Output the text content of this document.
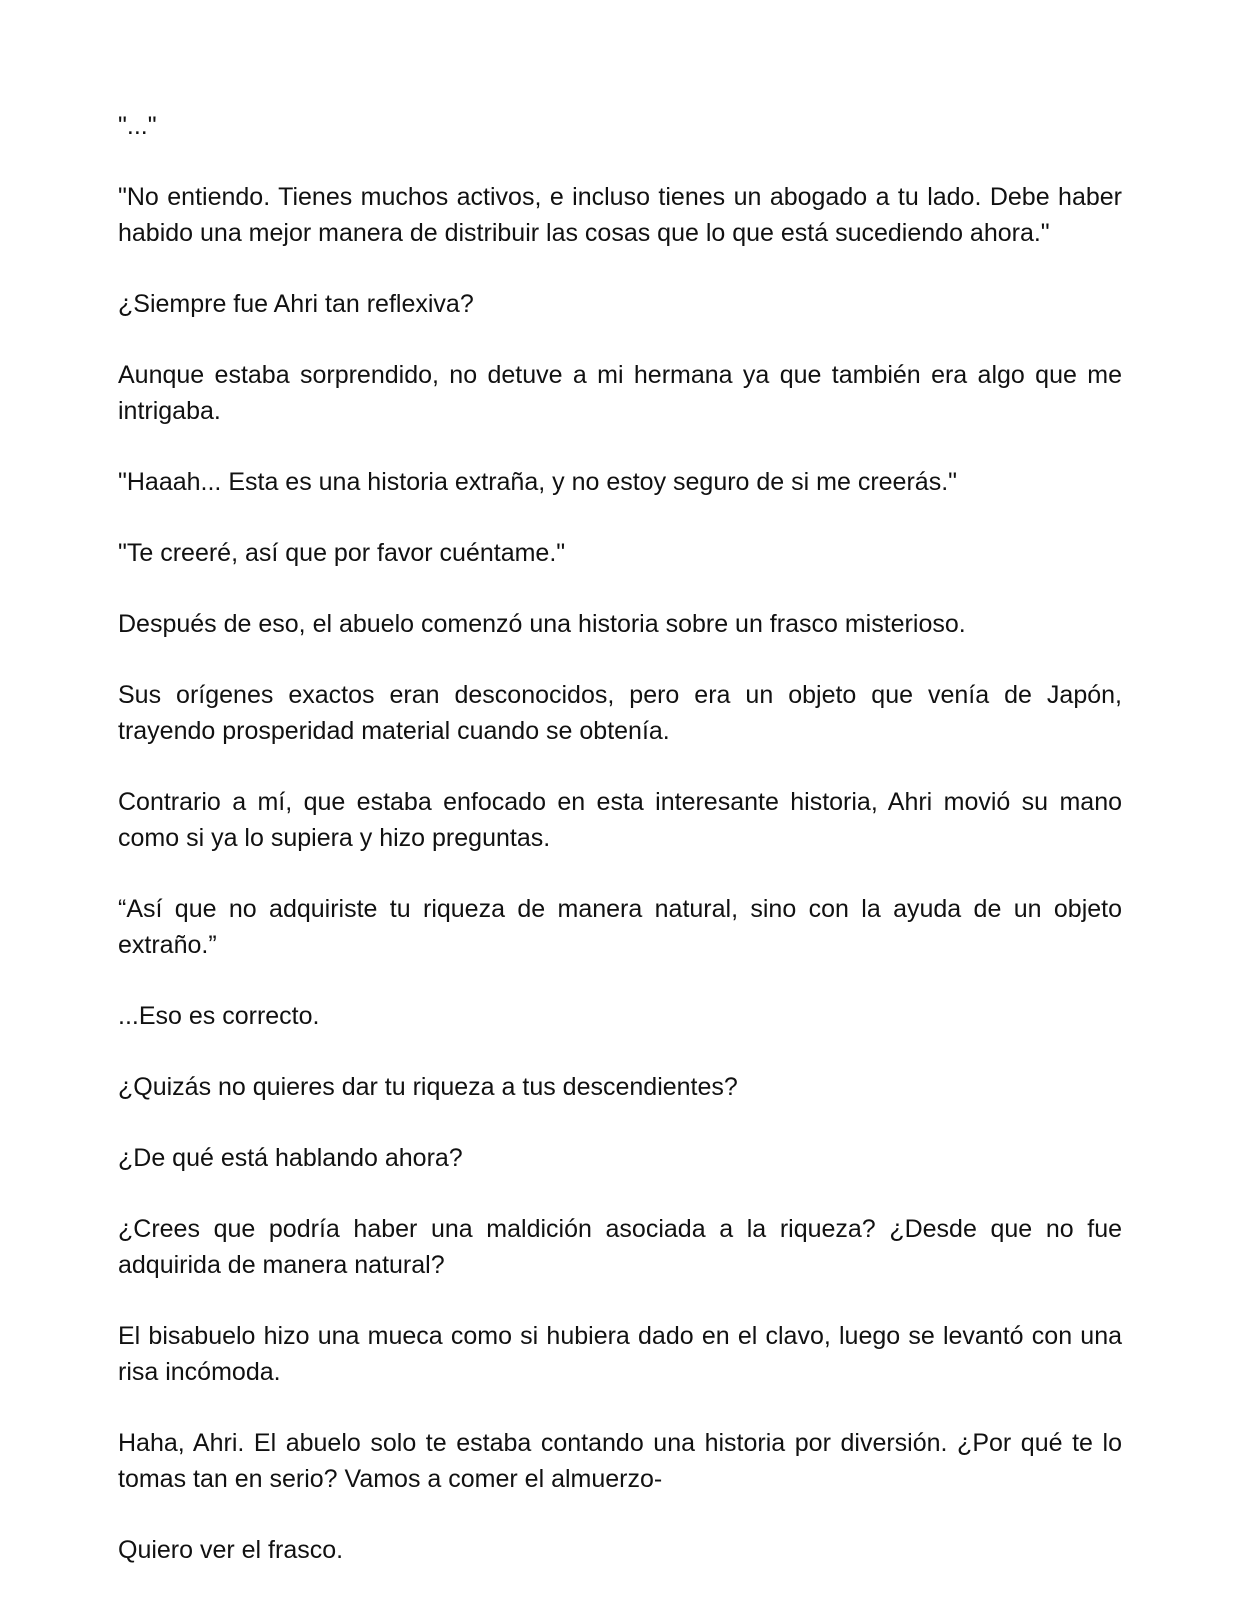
"..."

"No entiendo. Tienes muchos activos, e incluso tienes un abogado a tu lado. Debe haber habido una mejor manera de distribuir las cosas que lo que está sucediendo ahora."

¿Siempre fue Ahri tan reflexiva?

Aunque estaba sorprendido, no detuve a mi hermana ya que también era algo que me intrigaba.

"Haaah... Esta es una historia extraña, y no estoy seguro de si me creerás."

"Te creeré, así que por favor cuéntame."

Después de eso, el abuelo comenzó una historia sobre un frasco misterioso.

Sus orígenes exactos eran desconocidos, pero era un objeto que venía de Japón, trayendo prosperidad material cuando se obtenía.

Contrario a mí, que estaba enfocado en esta interesante historia, Ahri movió su mano como si ya lo supiera y hizo preguntas.

“Así que no adquiriste tu riqueza de manera natural, sino con la ayuda de un objeto extraño.”

...Eso es correcto.

¿Quizás no quieres dar tu riqueza a tus descendientes?

¿De qué está hablando ahora?

¿Crees que podría haber una maldición asociada a la riqueza? ¿Desde que no fue adquirida de manera natural?

El bisabuelo hizo una mueca como si hubiera dado en el clavo, luego se levantó con una risa incómoda.

Haha, Ahri. El abuelo solo te estaba contando una historia por diversión. ¿Por qué te lo tomas tan en serio? Vamos a comer el almuerzo-

Quiero ver el frasco.
